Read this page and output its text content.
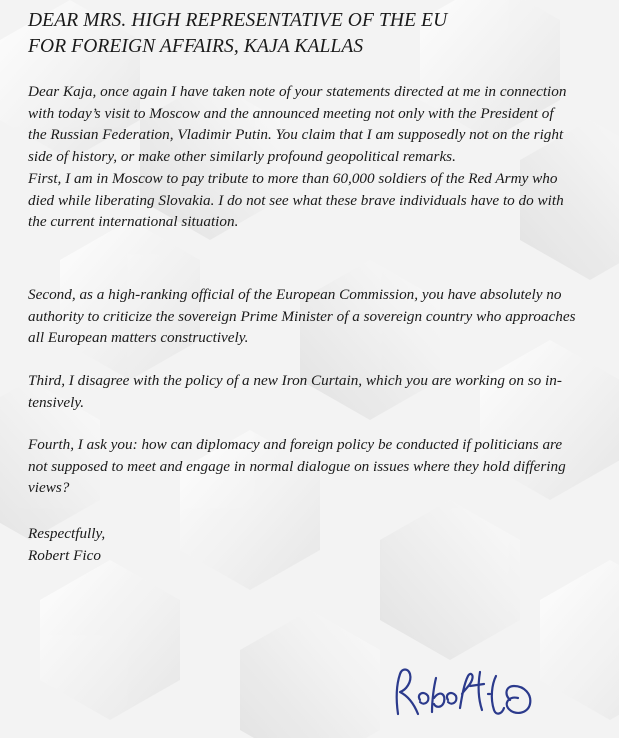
DEAR MRS. HIGH REPRESENTATIVE OF THE EU
FOR FOREIGN AFFAIRS, KAJA KALLAS

Dear Kaja, once again I have taken note of your statements directed at me in connection
with today’s visit to Moscow and the announced meeting not only with the President of
the Russian Federation, Vladimir Putin. You claim that I am supposedly not on the right
side of history, or make other similarly profound geopolitical remarks.

First, I am in Moscow to pay tribute to more than 60,000 soldiers of the Red Army who
died while liberating Slovakia. I do not see what these brave individuals have to do with
the current international situation.

Second, as a high-ranking official of the European Commission, you have absolutely no
authority to criticize the sovereign Prime Minister of a sovereign country who approaches
all European matters constructively.

Third, I disagree with the policy of a new Iron Curtain, which you are working on so in-
tensively.

Fourth, I ask you: how can diplomacy and foreign policy be conducted if politicians are
not supposed to meet and engage in normal dialogue on issues where they hold differing
views?

Respectfully,
Robert Fico
